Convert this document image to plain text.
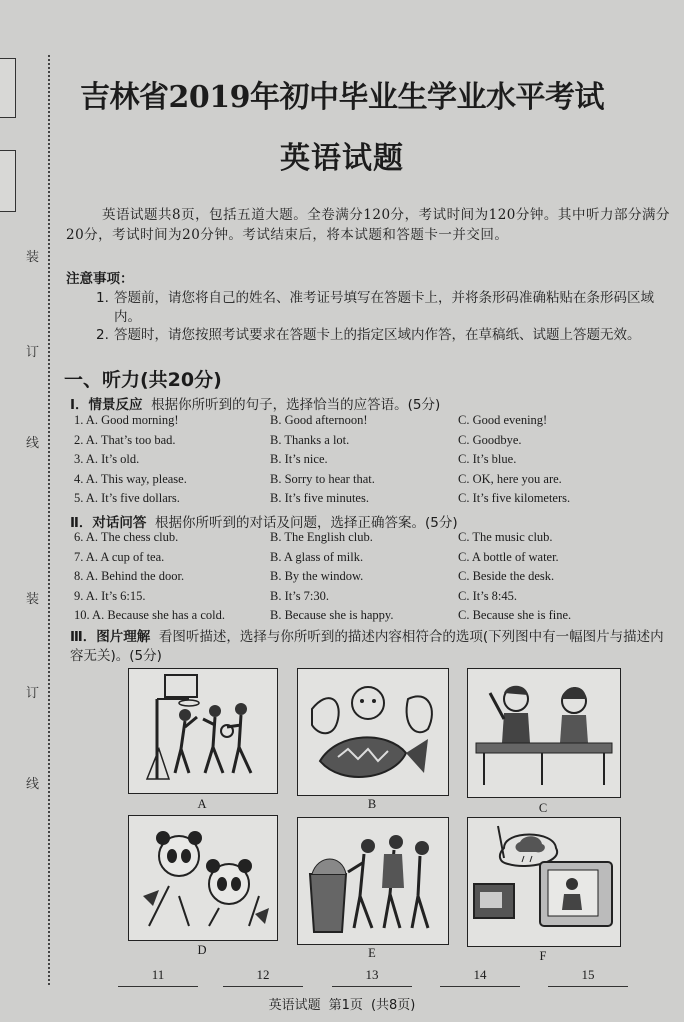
装
订
线
装
订
线
吉林省2019年初中毕业生学业水平考试
英语试题
英语试题共8页，包括五道大题。全卷满分120分，考试时间为120分钟。其中听力部分满分20分，考试时间为20分钟。考试结束后，将本试题和答题卡一并交回。
注意事项：
1. 答题前，请您将自己的姓名、准考证号填写在答题卡上，并将条形码准确粘贴在条形码区域内。
2. 答题时，请您按照考试要求在答题卡上的指定区域内作答，在草稿纸、试题上答题无效。
一、听力(共20分)
Ⅰ．情景反应 根据你所听到的句子，选择恰当的应答语。(5分)
1. A. Good morning!	B. Good afternoon!	C. Good evening!
2. A. That’s too bad.	B. Thanks a lot.	C. Goodbye.
3. A. It’s old.	B. It’s nice.	C. It’s blue.
4. A. This way, please.	B. Sorry to hear that.	C. OK, here you are.
5. A. It’s five dollars.	B. It’s five minutes.	C. It’s five kilometers.
Ⅱ．对话问答 根据你所听到的对话及问题，选择正确答案。(5分)
6. A. The chess club.	B. The English club.	C. The music club.
7. A. A cup of tea.	B. A glass of milk.	C. A bottle of water.
8. A. Behind the door.	B. By the window.	C. Beside the desk.
9. A. It’s 6:15.	B. It’s 7:30.	C. It’s 8:45.
10. A. Because she has a cold.	B. Because she is happy.	C. Because she is fine.
Ⅲ．图片理解 看图听描述，选择与你所听到的描述内容相符合的选项(下列图中有一幅图片与描述内容无关)。(5分)
A	B	C
D	E	F
11	12	13	14	15
英语试题 第1页 (共8页)
